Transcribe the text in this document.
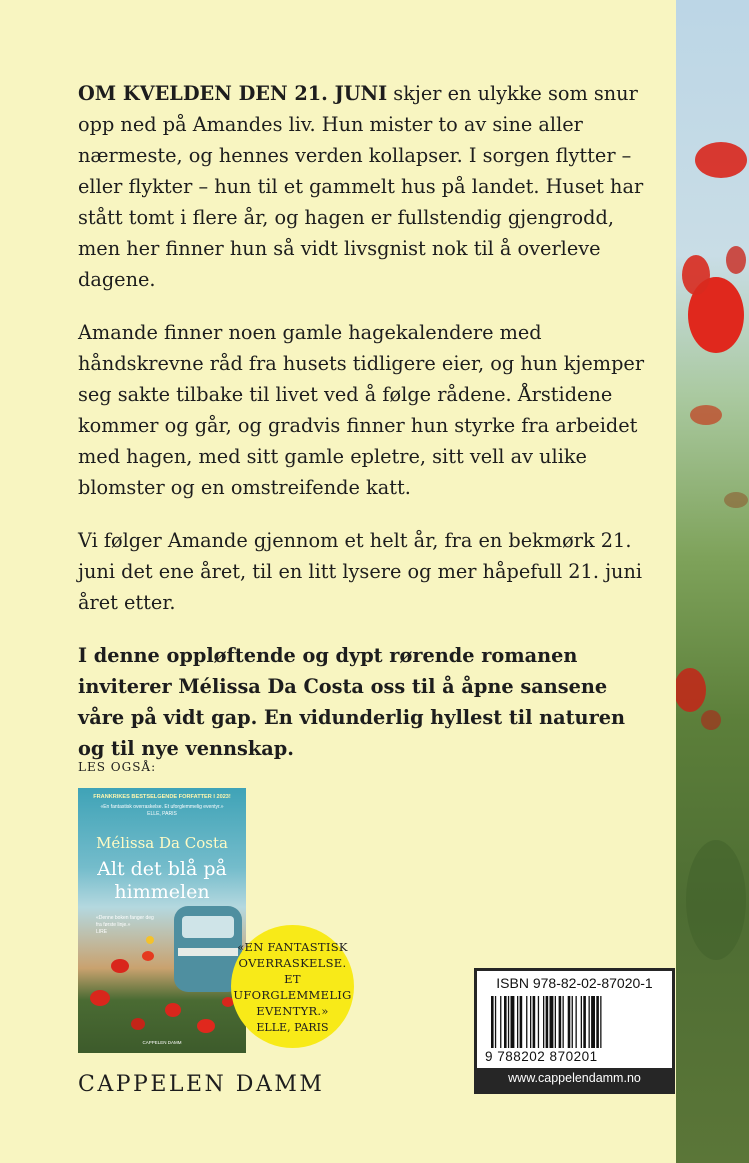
OM KVELDEN DEN 21. JUNI skjer en ulykke som snur opp ned på Amandes liv. Hun mister to av sine aller nærmeste, og hennes verden kollapser. I sorgen flytter – eller flykter – hun til et gammelt hus på landet. Huset har stått tomt i flere år, og hagen er fullstendig gjengrodd, men her finner hun så vidt livsgnist nok til å overleve dagene.

Amande finner noen gamle hagekalendere med håndskrevne råd fra husets tidligere eier, og hun kjemper seg sakte tilbake til livet ved å følge rådene. Årstidene kommer og går, og gradvis finner hun styrke fra arbeidet med hagen, med sitt gamle epletre, sitt vell av ulike blomster og en omstreifende katt.

Vi følger Amande gjennom et helt år, fra en bekmørk 21. juni det ene året, til en litt lysere og mer håpefull 21. juni året etter.

I denne oppløftende og dypt rørende romanen inviterer Mélissa Da Costa oss til å åpne sansene våre på vidt gap. En vidunderlig hyllest til naturen og til nye vennskap.

LES OGSÅ:
FRANKRIKES BESTSELGENDE FORFATTER I 2023!
«En fantastisk overraskelse. Et uforglemmelig eventyr.»
ELLE, PARIS
Mélissa Da Costa
Alt det blå på himmelen
«Denne boken fanger deg fra første linje.»
LIRE
CAPPELEN DAMM
«EN FANTASTISK OVERRASKELSE. ET UFORGLEMMELIG EVENTYR.»
ELLE, PARIS
CAPPELEN DAMM
ISBN 978-82-02-87020-1
9 788202 870201
www.cappelendamm.no
